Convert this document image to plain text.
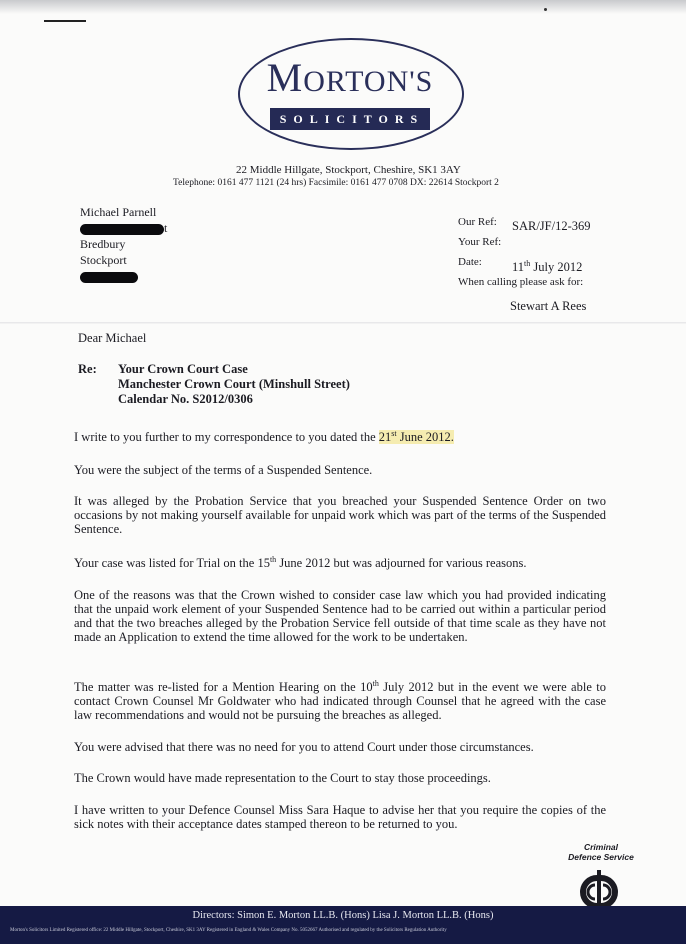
MORTON'S
SOLICITORS
22 Middle Hillgate, Stockport, Cheshire, SK1 3AY
Telephone: 0161 477 1121 (24 hrs) Facsimile: 0161 477 0708 DX: 22614 Stockport 2
Michael Parnell
t
Bredbury
Stockport
Our Ref: SAR/JF/12-369
Your Ref:
Date: 11th July 2012
When calling please ask for:
Stewart A Rees
Dear Michael
Re: Your Crown Court Case
Manchester Crown Court (Minshull Street)
Calendar No. S2012/0306
I write to you further to my correspondence to you dated the 21st June 2012.
You were the subject of the terms of a Suspended Sentence.
It was alleged by the Probation Service that you breached your Suspended Sentence Order on two occasions by not making yourself available for unpaid work which was part of the terms of the Suspended Sentence.
Your case was listed for Trial on the 15th June 2012 but was adjourned for various reasons.
One of the reasons was that the Crown wished to consider case law which you had provided indicating that the unpaid work element of your Suspended Sentence had to be carried out within a particular period and that the two breaches alleged by the Probation Service fell outside of that time scale as they have not made an Application to extend the time allowed for the work to be undertaken.
The matter was re-listed for a Mention Hearing on the 10th July 2012 but in the event we were able to contact Crown Counsel Mr Goldwater who had indicated through Counsel that he agreed with the case law recommendations and would not be pursuing the breaches as alleged.
You were advised that there was no need for you to attend Court under those circumstances.
The Crown would have made representation to the Court to stay those proceedings.
I have written to your Defence Counsel Miss Sara Haque to advise her that you require the copies of the sick notes with their acceptance dates stamped thereon to be returned to you.
Criminal
Defence Service
Directors: Simon E. Morton LL.B. (Hons) Lisa J. Morton LL.B. (Hons)
Morton's Solicitors Limited Registered office: 22 Middle Hillgate, Stockport, Cheshire, SK1 3AY Registered in England & Wales Company No. 5052667 Authorised and regulated by the Solicitors Regulation Authority
